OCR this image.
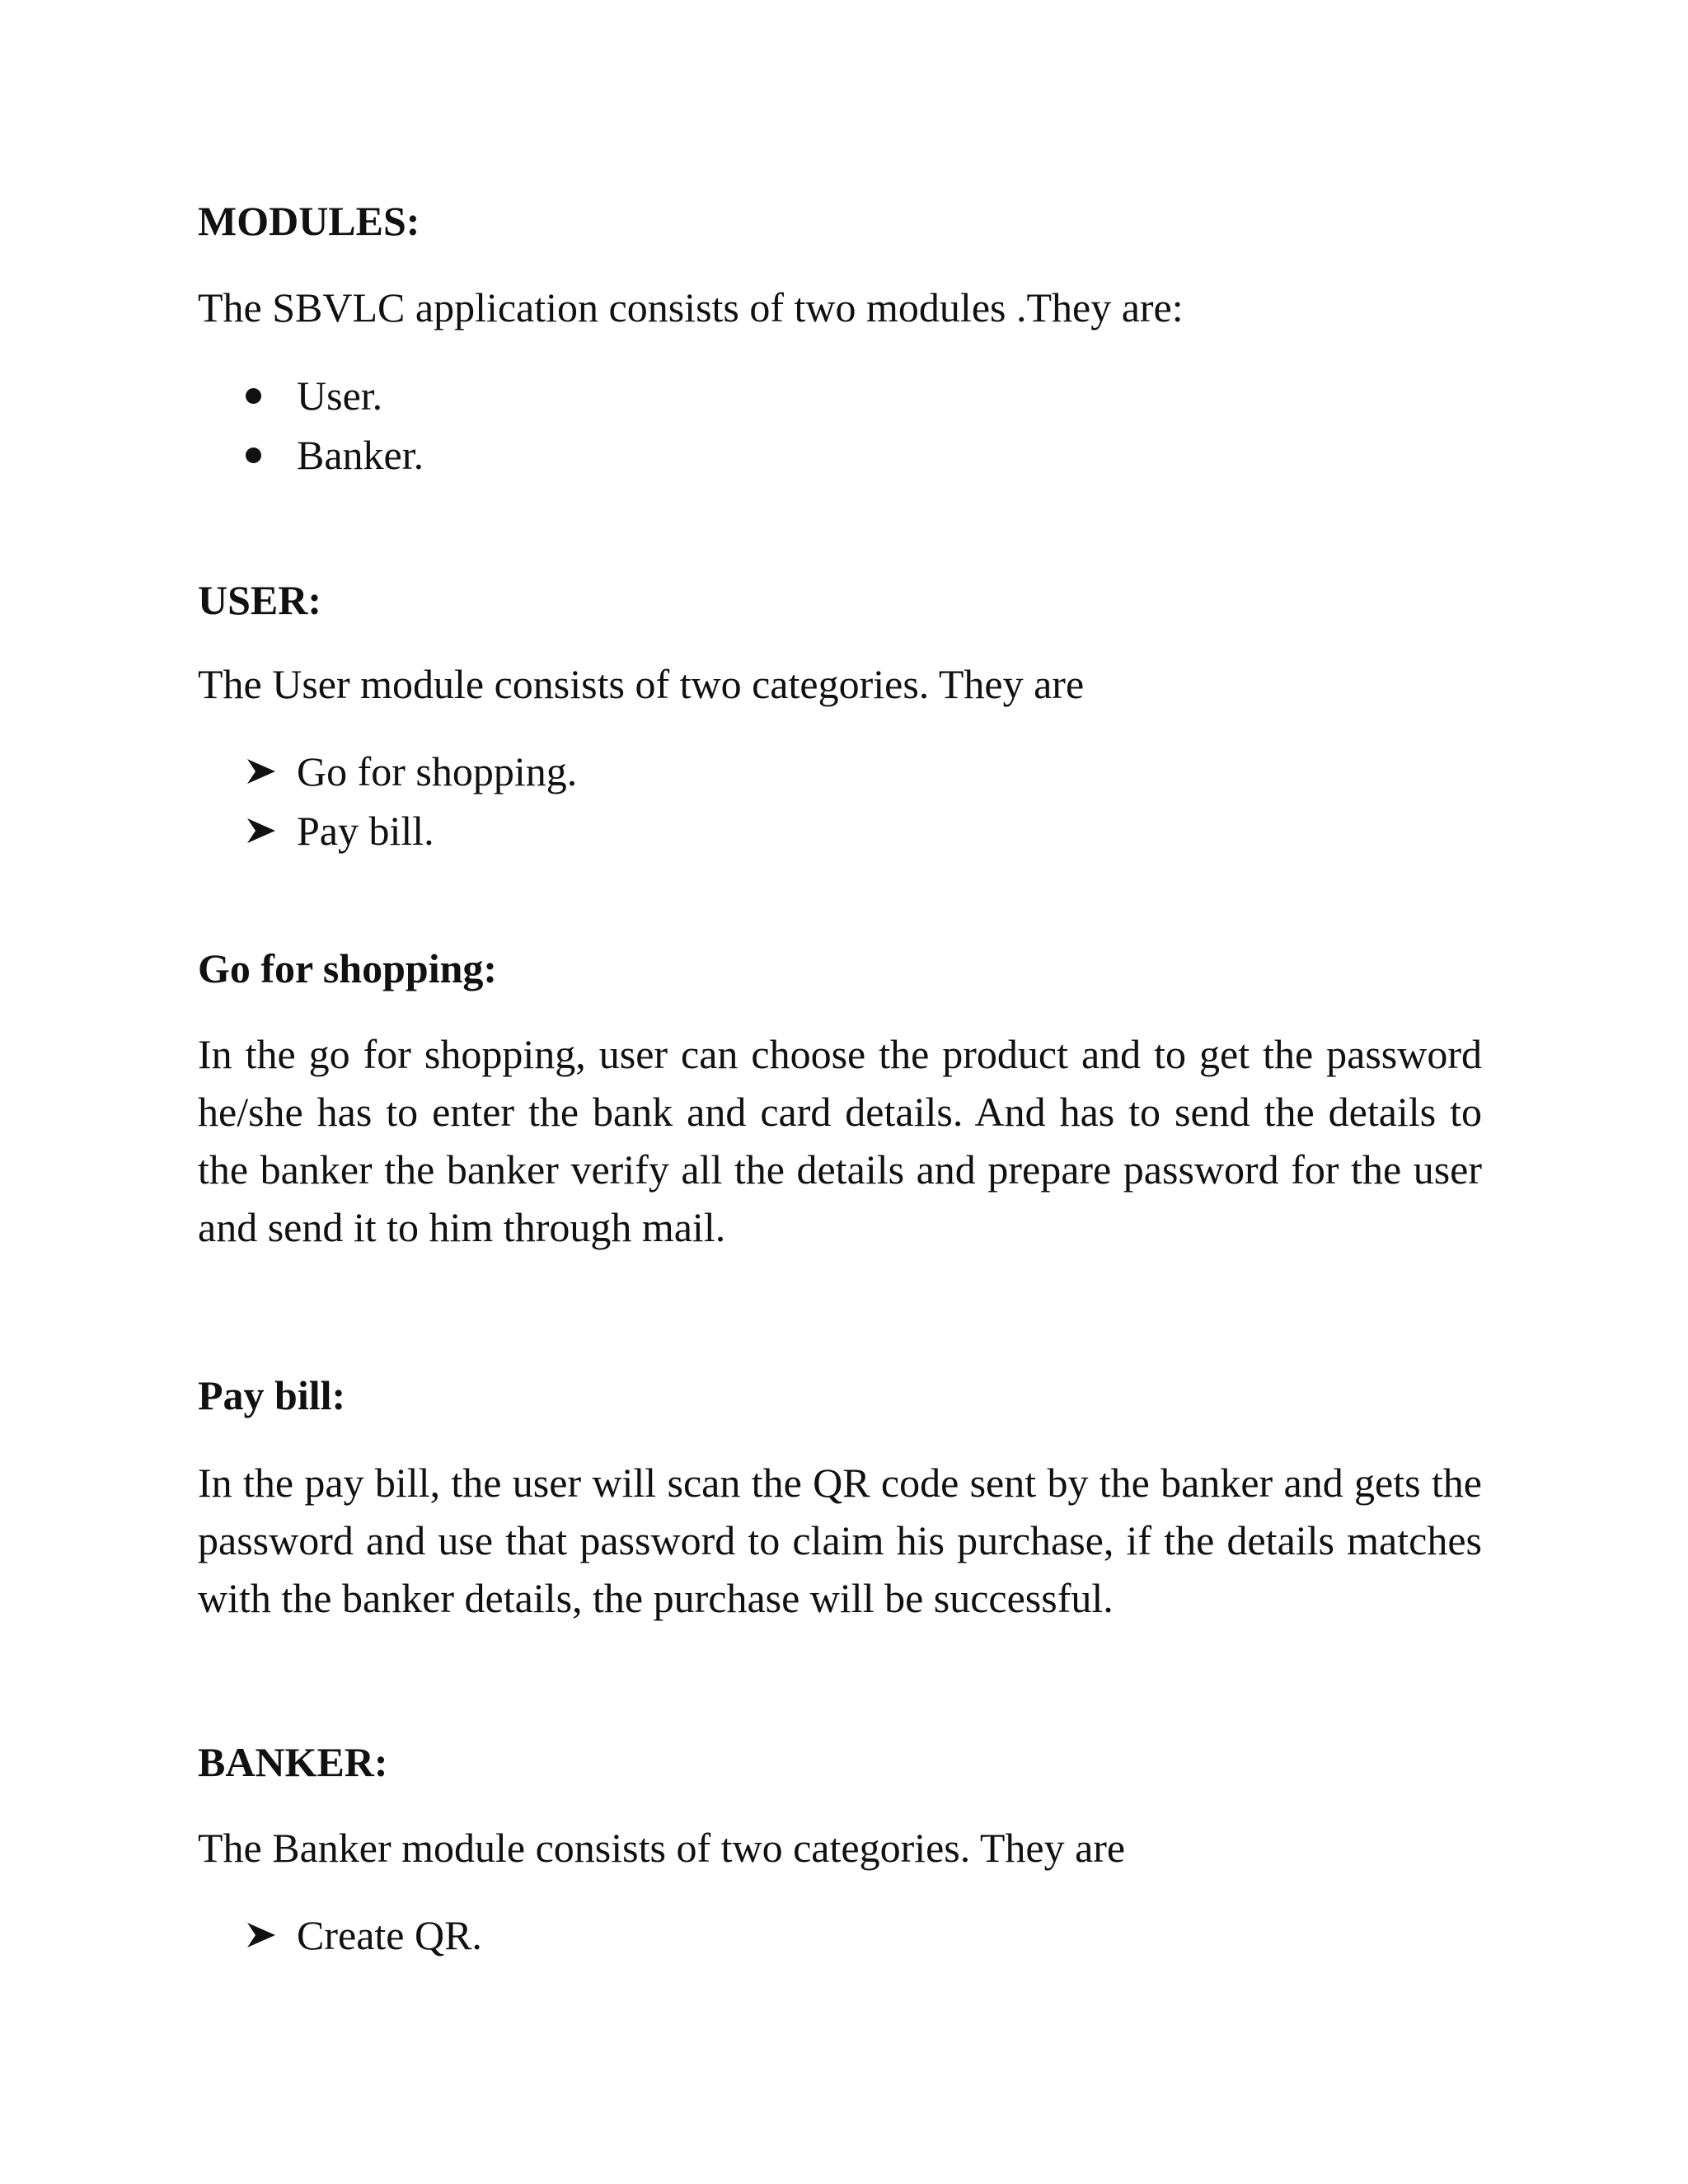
MODULES:
The SBVLC application consists of two modules .They are:
User.
Banker.
USER:
The User module consists of two categories. They are
Go for shopping.
Pay bill.
Go for shopping:

In the go for shopping, user can choose the product and to get the password he/she has to enter the bank and card details. And has to send the details to the banker the banker verify all the details and prepare password for the user and send it to him through mail.

Pay bill:

In the pay bill, the user will scan the QR code sent by the banker and gets the password and use that password to claim his purchase, if the details matches with the banker details, the purchase will be successful.

BANKER:
The Banker module consists of two categories. They are
Create QR.
